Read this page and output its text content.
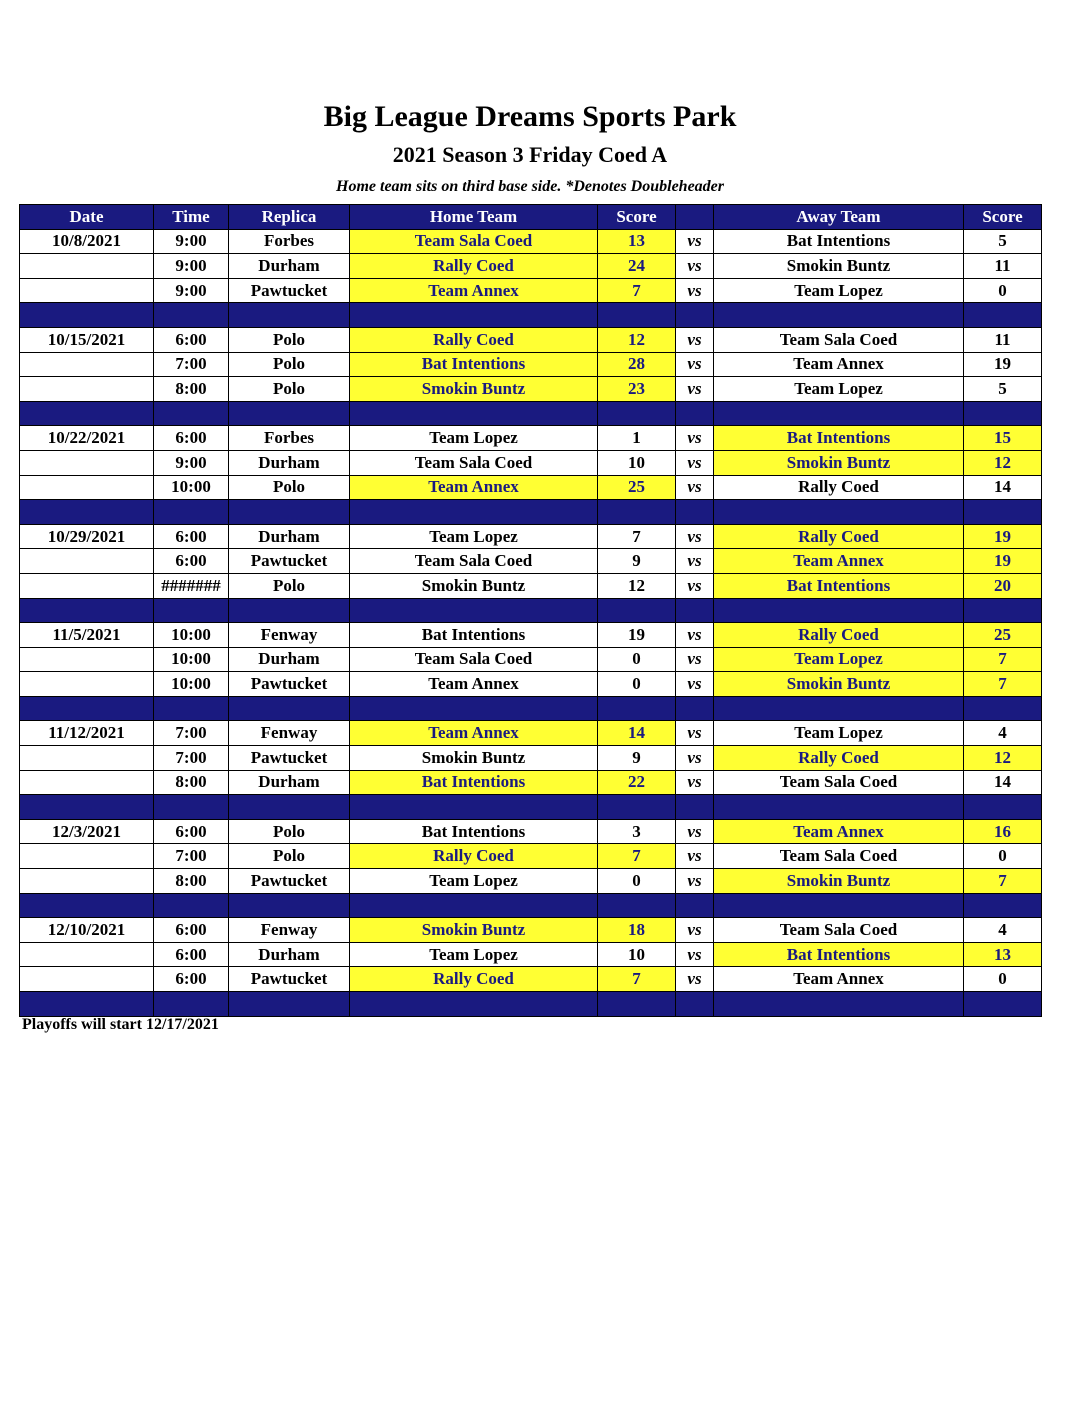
Big League Dreams Sports Park
2021 Season 3 Friday Coed A
Home team sits on third base side. *Denotes Doubleheader
Date	Time	Replica	Home Team	Score		Away Team	Score
10/8/2021	9:00	Forbes	Team Sala Coed	13	vs	Bat Intentions	5
	9:00	Durham	Rally Coed	24	vs	Smokin Buntz	11
	9:00	Pawtucket	Team Annex	7	vs	Team Lopez	0

10/15/2021	6:00	Polo	Rally Coed	12	vs	Team Sala Coed	11
	7:00	Polo	Bat Intentions	28	vs	Team Annex	19
	8:00	Polo	Smokin Buntz	23	vs	Team Lopez	5

10/22/2021	6:00	Forbes	Team Lopez	1	vs	Bat Intentions	15
	9:00	Durham	Team Sala Coed	10	vs	Smokin Buntz	12
	10:00	Polo	Team Annex	25	vs	Rally Coed	14

10/29/2021	6:00	Durham	Team Lopez	7	vs	Rally Coed	19
	6:00	Pawtucket	Team Sala Coed	9	vs	Team Annex	19
	#######	Polo	Smokin Buntz	12	vs	Bat Intentions	20

11/5/2021	10:00	Fenway	Bat Intentions	19	vs	Rally Coed	25
	10:00	Durham	Team Sala Coed	0	vs	Team Lopez	7
	10:00	Pawtucket	Team Annex	0	vs	Smokin Buntz	7

11/12/2021	7:00	Fenway	Team Annex	14	vs	Team Lopez	4
	7:00	Pawtucket	Smokin Buntz	9	vs	Rally Coed	12
	8:00	Durham	Bat Intentions	22	vs	Team Sala Coed	14

12/3/2021	6:00	Polo	Bat Intentions	3	vs	Team Annex	16
	7:00	Polo	Rally Coed	7	vs	Team Sala Coed	0
	8:00	Pawtucket	Team Lopez	0	vs	Smokin Buntz	7

12/10/2021	6:00	Fenway	Smokin Buntz	18	vs	Team Sala Coed	4
	6:00	Durham	Team Lopez	10	vs	Bat Intentions	13
	6:00	Pawtucket	Rally Coed	7	vs	Team Annex	0

Playoffs will start 12/17/2021
